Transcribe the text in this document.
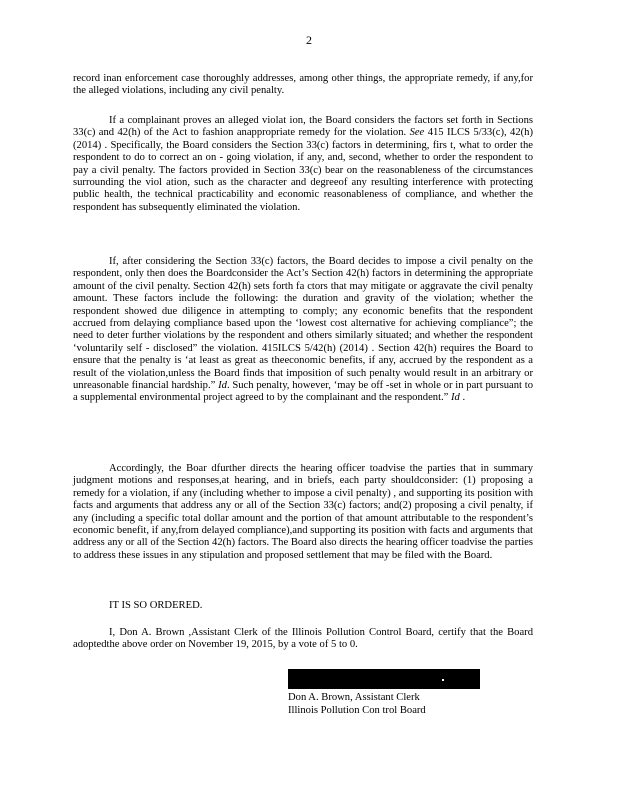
2

record inan enforcement case thoroughly addresses, among other things, the appropriate remedy, if any,for the alleged violations, including any civil penalty.

If a complainant proves an alleged violat ion, the Board considers the factors set forth in Sections 33(c) and 42(h) of the Act to fashion anappropriate remedy for the violation. See 415 ILCS 5/33(c), 42(h) (2014) . Specifically, the Board considers the Section 33(c) factors in determining, firs t, what to order the respondent to do to correct an on - going violation, if any, and, second, whether to order the respondent to pay a civil penalty. The factors provided in Section 33(c) bear on the reasonableness of the circumstances surrounding the viol ation, such as the character and degreeof any resulting interference with protecting public health, the technical practicability and economic reasonableness of compliance, and whether the respondent has subsequently eliminated the violation.

If, after considering the Section 33(c) factors, the Board decides to impose a civil penalty on the respondent, only then does the Boardconsider the Act’s Section 42(h) factors in determining the appropriate amount of the civil penalty. Section 42(h) sets forth fa ctors that may mitigate or aggravate the civil penalty amount. These factors include the following: the duration and gravity of the violation; whether the respondent showed due diligence in attempting to comply; any economic benefits that the respondent accrued from delaying compliance based upon the ‘lowest cost alternative for achieving compliance”; the need to deter further violations by the respondent and others similarly situated; and whether the respondent ‘voluntarily self - disclosed” the violation. 415ILCS 5/42(h) (2014) . Section 42(h) requires the Board to ensure that the penalty is ‘at least as great as theeconomic benefits, if any, accrued by the respondent as a result of the violation,unless the Board finds that imposition of such penalty would result in an arbitrary or unreasonable financial hardship.” Id. Such penalty, however, ‘may be off -set in whole or in part pursuant to a supplemental environmental project agreed to by the complainant and the respondent.” Id .

Accordingly, the Boar dfurther directs the hearing officer toadvise the parties that in summary judgment motions and responses,at hearing, and in briefs, each party shouldconsider: (1) proposing a remedy for a violation, if any (including whether to impose a civil penalty) , and supporting its position with facts and arguments that address any or all of the Section 33(c) factors; and(2) proposing a civil penalty, if any (including a specific total dollar amount and the portion of that amount attributable to the respondent’s economic benefit, if any,from delayed compliance),and supporting its position with facts and arguments that address any or all of the Section 42(h) factors. The Board also directs the hearing officer toadvise the parties to address these issues in any stipulation and proposed settlement that may be filed with the Board.

IT IS SO ORDERED.

I, Don A. Brown ,Assistant Clerk of the Illinois Pollution Control Board, certify that the Board adoptedthe above order on November 19, 2015, by a vote of 5 to 0.

Don A. Brown, Assistant Clerk
Illinois Pollution Con trol Board
